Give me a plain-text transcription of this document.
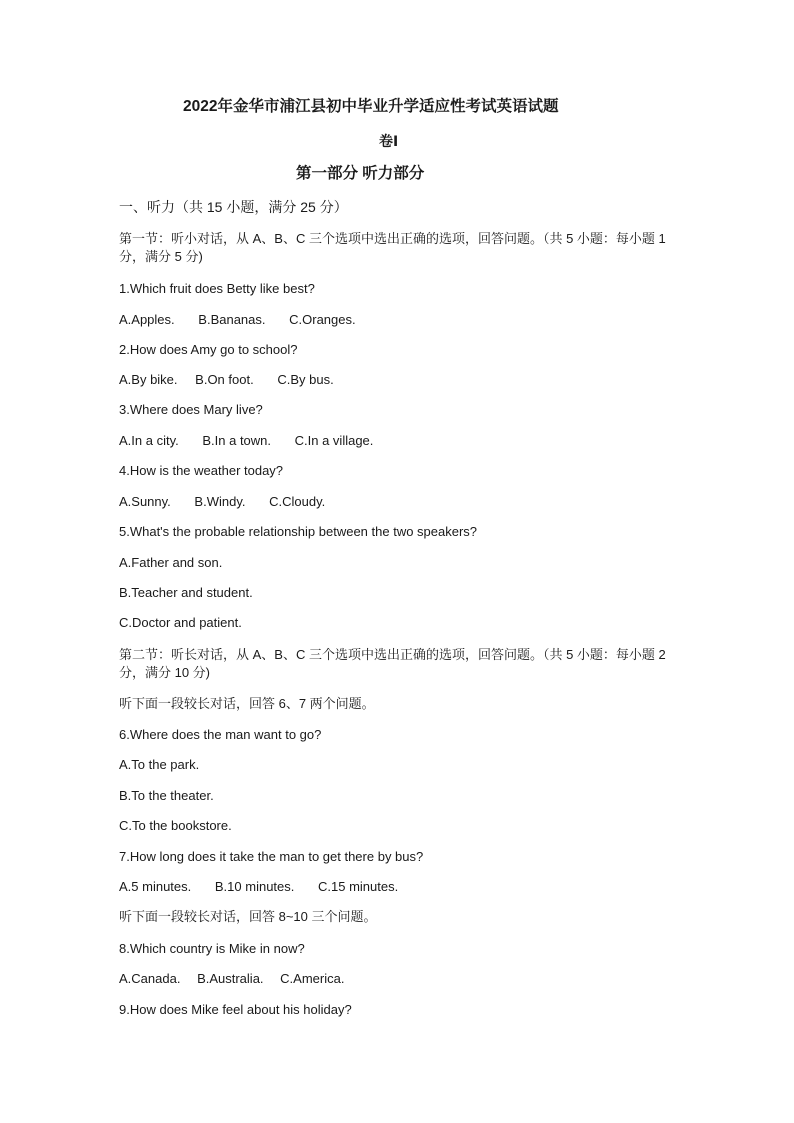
2022年金华市浦江县初中毕业升学适应性考试英语试题
卷Ⅰ
第一部分 听力部分
一、听力（共 15 小题，满分 25 分）
第一节：听小对话，从 A、B、C 三个选项中选出正确的选项，回答问题。（共 5 小题：每小题 1 分，满分 5 分)
1.Which fruit does Betty like best?
A.Apples. B.Bananas. C.Oranges.
2.How does Amy go to school?
A.By bike. B.On foot. C.By bus.
3.Where does Mary live?
A.In a city. B.In a town. C.In a village.
4.How is the weather today?
A.Sunny. B.Windy. C.Cloudy.
5.What's the probable relationship between the two speakers?
A.Father and son.
B.Teacher and student.
C.Doctor and patient.
第二节：听长对话，从 A、B、C 三个选项中选出正确的选项，回答问题。（共 5 小题：每小题 2 分，满分 10 分)
听下面一段较长对话，回答 6、7 两个问题。
6.Where does the man want to go?
A.To the park.
B.To the theater.
C.To the bookstore.
7.How long does it take the man to get there by bus?
A.5 minutes. B.10 minutes. C.15 minutes.
听下面一段较长对话，回答 8~10 三个问题。
8.Which country is Mike in now?
A.Canada. B.Australia. C.America.
9.How does Mike feel about his holiday?
